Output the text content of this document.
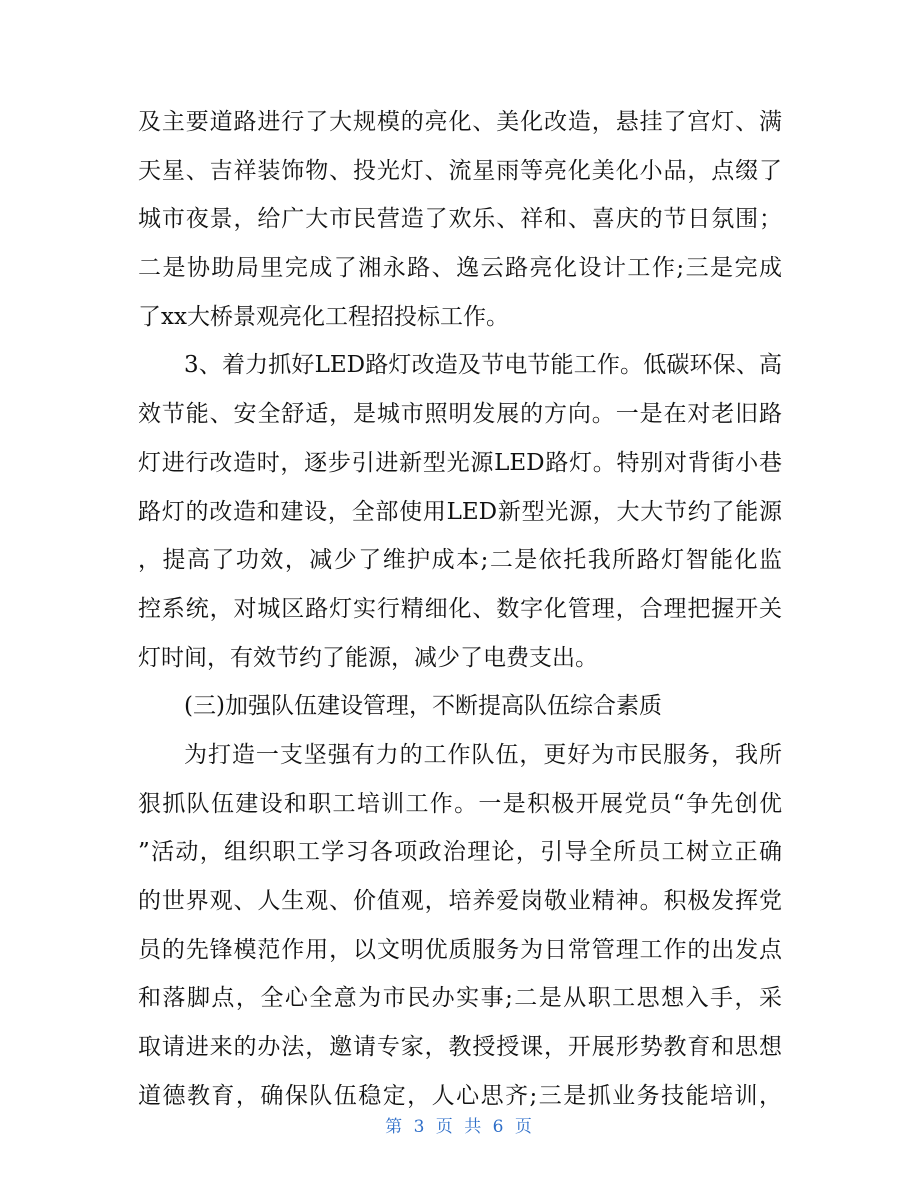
及主要道路进行了大规模的亮化、美化改造，悬挂了宫灯、满
天星、吉祥装饰物、投光灯、流星雨等亮化美化小品，点缀了
城市夜景，给广大市民营造了欢乐、祥和、喜庆的节日氛围；
二是协助局里完成了湘永路、逸云路亮化设计工作;三是完成
了xx大桥景观亮化工程招投标工作。
3、着力抓好LED路灯改造及节电节能工作。低碳环保、高
效节能、安全舒适，是城市照明发展的方向。一是在对老旧路
灯进行改造时，逐步引进新型光源LED路灯。特别对背街小巷
路灯的改造和建设，全部使用LED新型光源，大大节约了能源
，提高了功效，减少了维护成本;二是依托我所路灯智能化监
控系统，对城区路灯实行精细化、数字化管理，合理把握开关
灯时间，有效节约了能源，减少了电费支出。
(三)加强队伍建设管理，不断提高队伍综合素质
为打造一支坚强有力的工作队伍，更好为市民服务，我所
狠抓队伍建设和职工培训工作。一是积极开展党员“争先创优
”活动，组织职工学习各项政治理论，引导全所员工树立正确
的世界观、人生观、价值观，培养爱岗敬业精神。积极发挥党
员的先锋模范作用，以文明优质服务为日常管理工作的出发点
和落脚点，全心全意为市民办实事;二是从职工思想入手，采
取请进来的办法，邀请专家，教授授课，开展形势教育和思想
道德教育，确保队伍稳定，人心思齐;三是抓业务技能培训，
第 3 页 共 6 页
